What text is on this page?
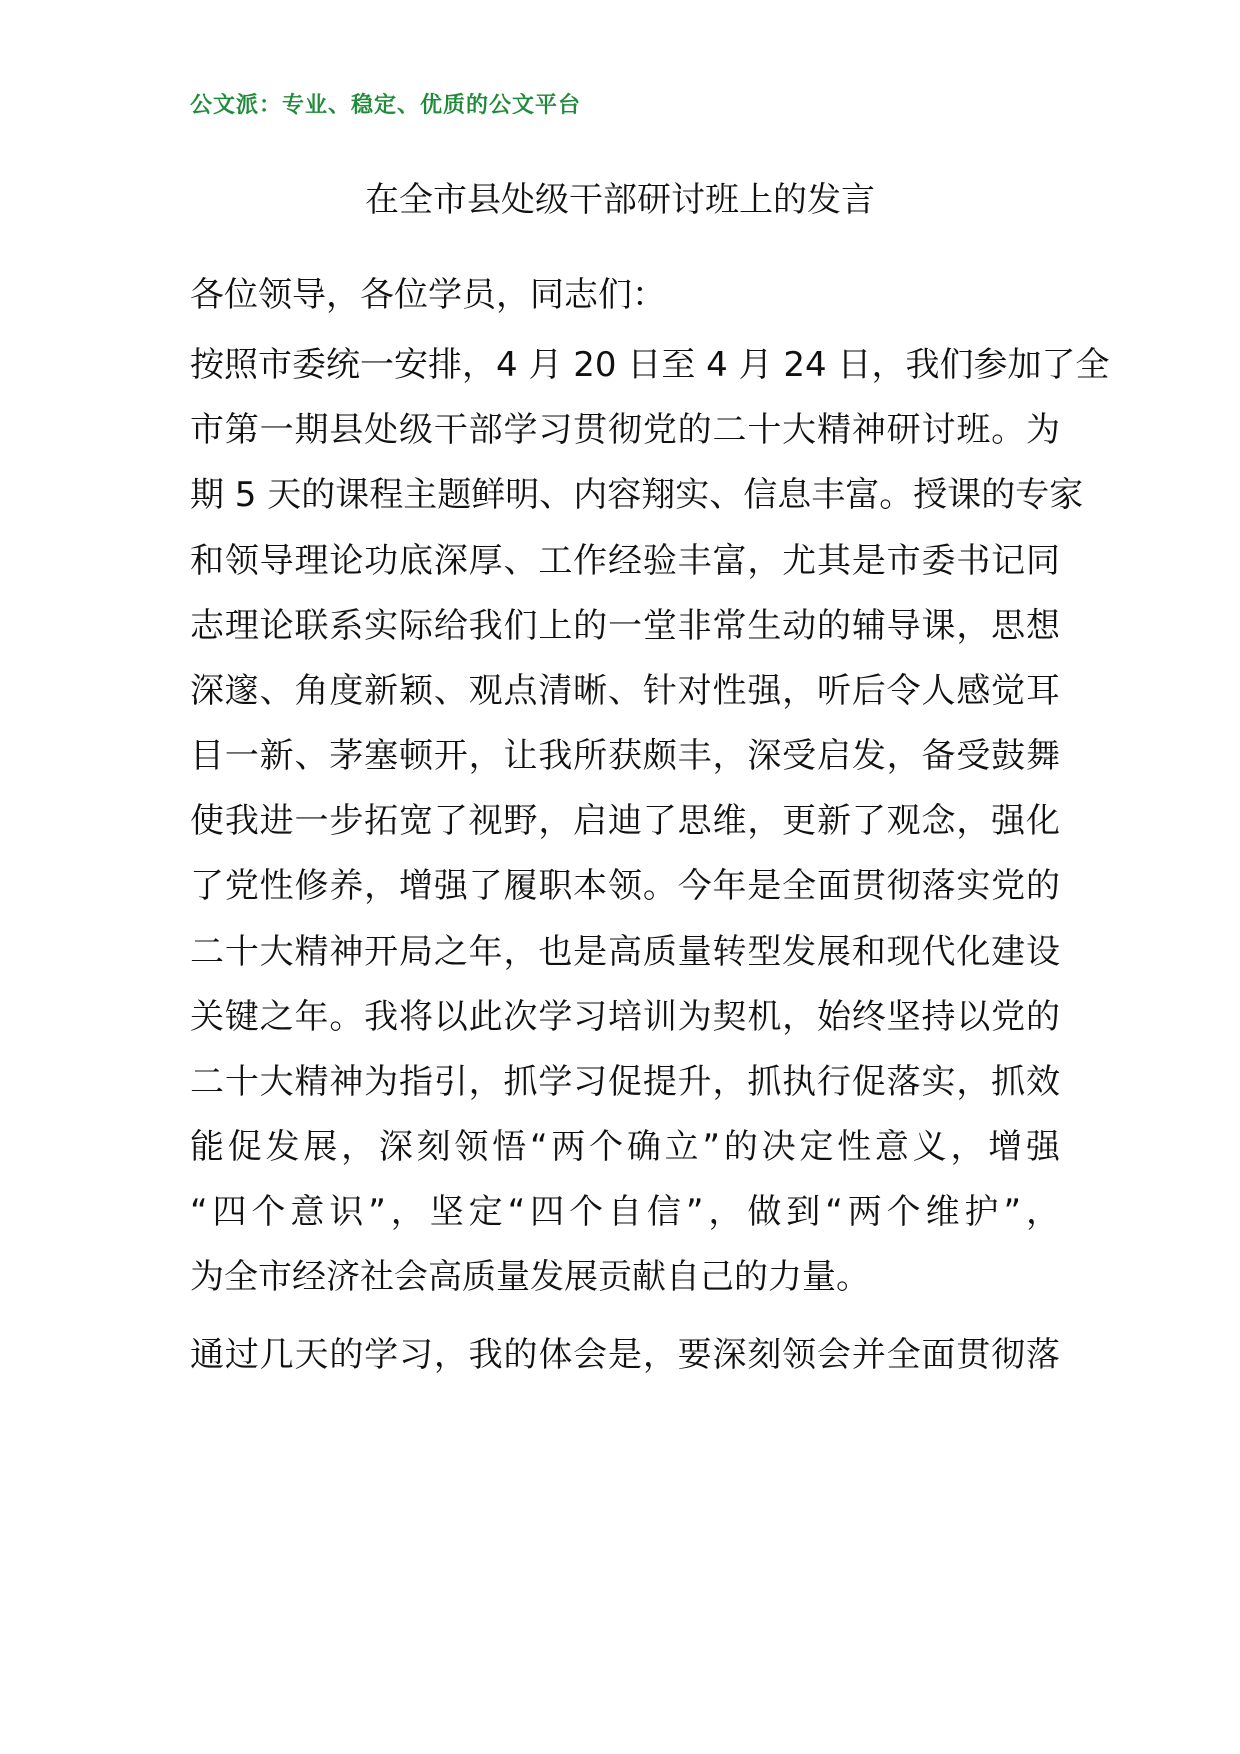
公文派：专业、稳定、优质的公文平台
在全市县处级干部研讨班上的发言
各位领导，各位学员，同志们：
按照市委统一安排，4 月 20 日至 4 月 24 日，我们参加了全
市第一期县处级干部学习贯彻党的二十大精神研讨班。为
期 5 天的课程主题鲜明、内容翔实、信息丰富。授课的专家
和领导理论功底深厚、工作经验丰富，尤其是市委书记同
志理论联系实际给我们上的一堂非常生动的辅导课，思想
深邃、角度新颖、观点清晰、针对性强，听后令人感觉耳
目一新、茅塞顿开，让我所获颇丰，深受启发，备受鼓舞
使我进一步拓宽了视野，启迪了思维，更新了观念，强化
了党性修养，增强了履职本领。今年是全面贯彻落实党的
二十大精神开局之年，也是高质量转型发展和现代化建设
关键之年。我将以此次学习培训为契机，始终坚持以党的
二十大精神为指引，抓学习促提升，抓执行促落实，抓效
能促发展，深刻领悟“两个确立”的决定性意义，增强
“四个意识”，坚定“四个自信”，做到“两个维护”，
为全市经济社会高质量发展贡献自己的力量。
通过几天的学习，我的体会是，要深刻领会并全面贯彻落
